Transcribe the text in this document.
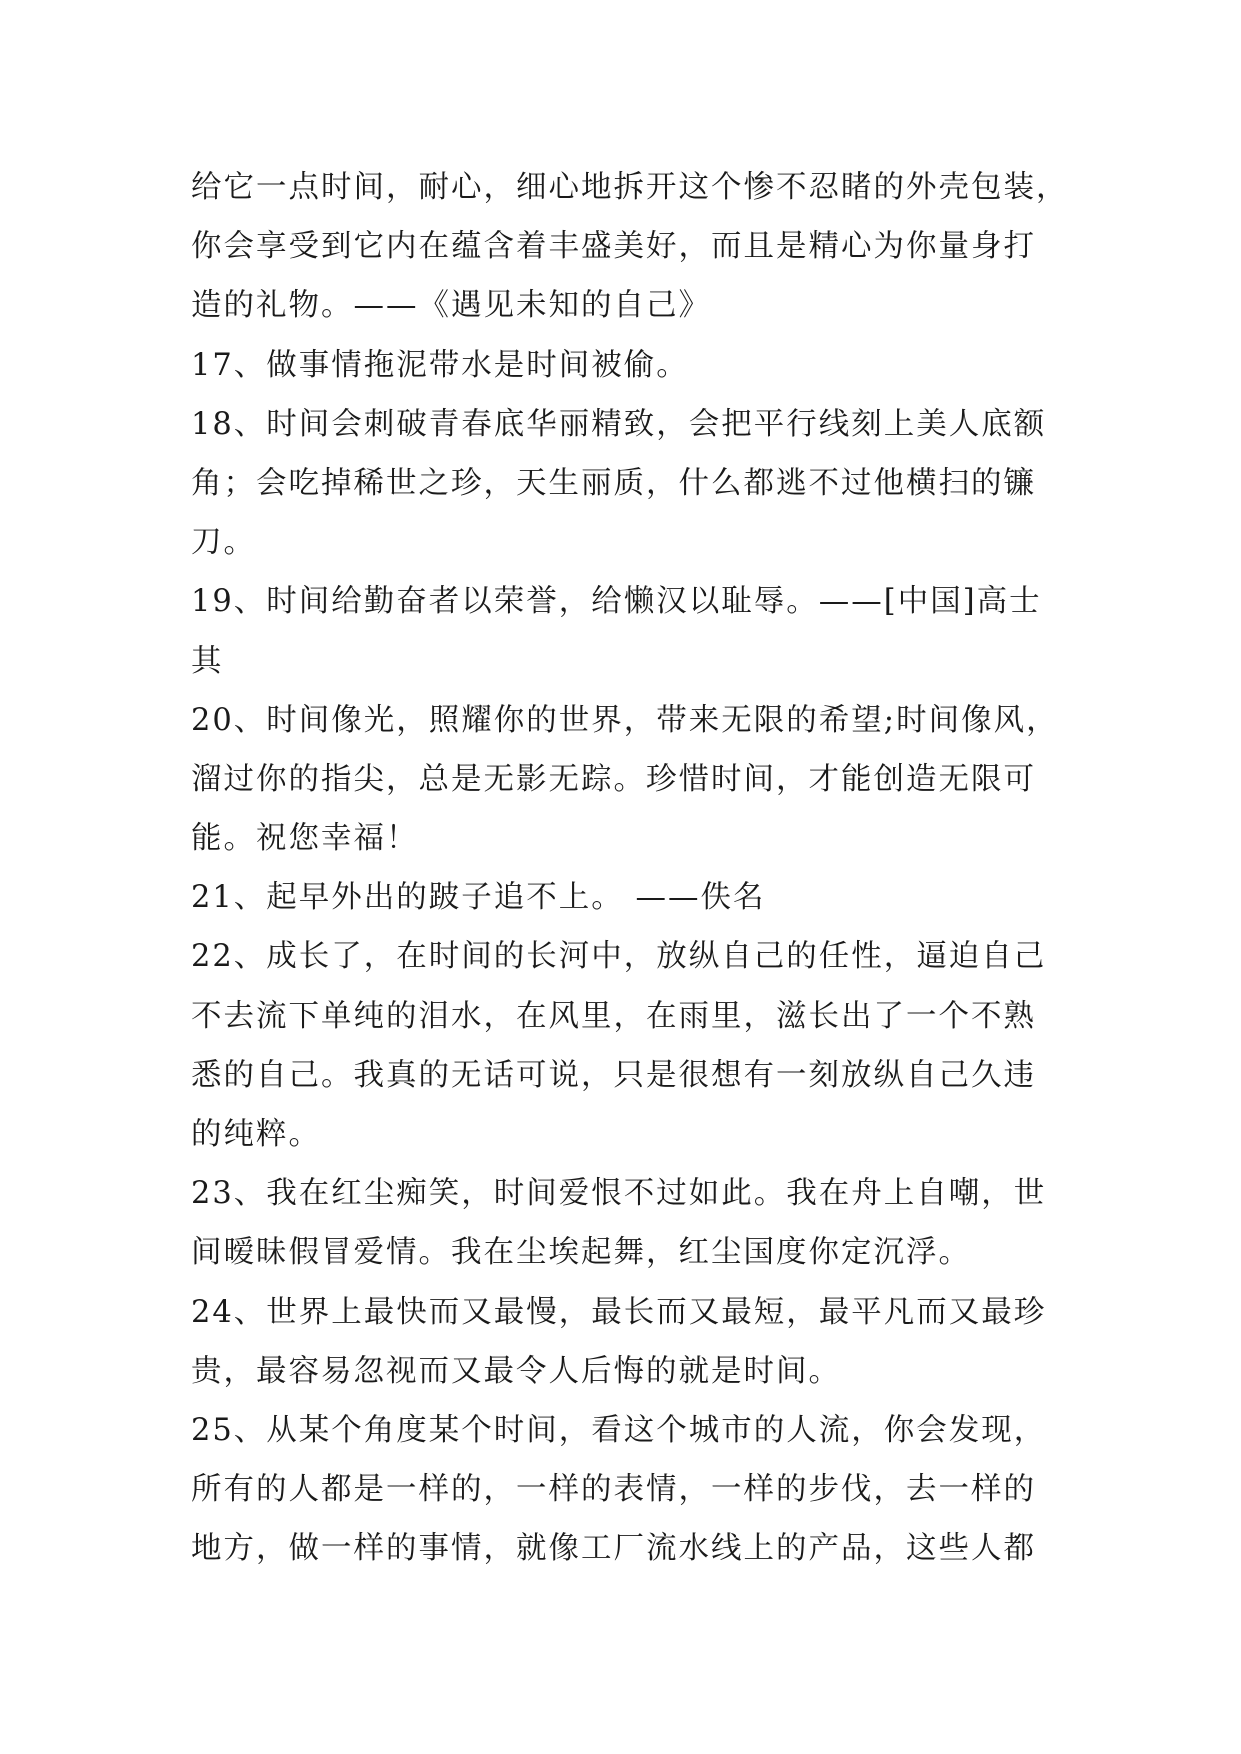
给它一点时间，耐心，细心地拆开这个惨不忍睹的外壳包装，
你会享受到它内在蕴含着丰盛美好，而且是精心为你量身打
造的礼物。——《遇见未知的自己》
17、做事情拖泥带水是时间被偷。
18、时间会刺破青春底华丽精致，会把平行线刻上美人底额
角；会吃掉稀世之珍，天生丽质，什么都逃不过他横扫的镰
刀。
19、时间给勤奋者以荣誉，给懒汉以耻辱。——[中国]高士
其
20、时间像光，照耀你的世界，带来无限的希望;时间像风，
溜过你的指尖，总是无影无踪。珍惜时间，才能创造无限可
能。祝您幸福！
21、起早外出的跛子追不上。 ——佚名
22、成长了，在时间的长河中，放纵自己的任性，逼迫自己
不去流下单纯的泪水，在风里，在雨里，滋长出了一个不熟
悉的自己。我真的无话可说，只是很想有一刻放纵自己久违
的纯粹。
23、我在红尘痴笑，时间爱恨不过如此。我在舟上自嘲，世
间暧昧假冒爱情。我在尘埃起舞，红尘国度你定沉浮。
24、世界上最快而又最慢，最长而又最短，最平凡而又最珍
贵，最容易忽视而又最令人后悔的就是时间。
25、从某个角度某个时间，看这个城市的人流，你会发现，
所有的人都是一样的，一样的表情，一样的步伐，去一样的
地方，做一样的事情，就像工厂流水线上的产品，这些人都
